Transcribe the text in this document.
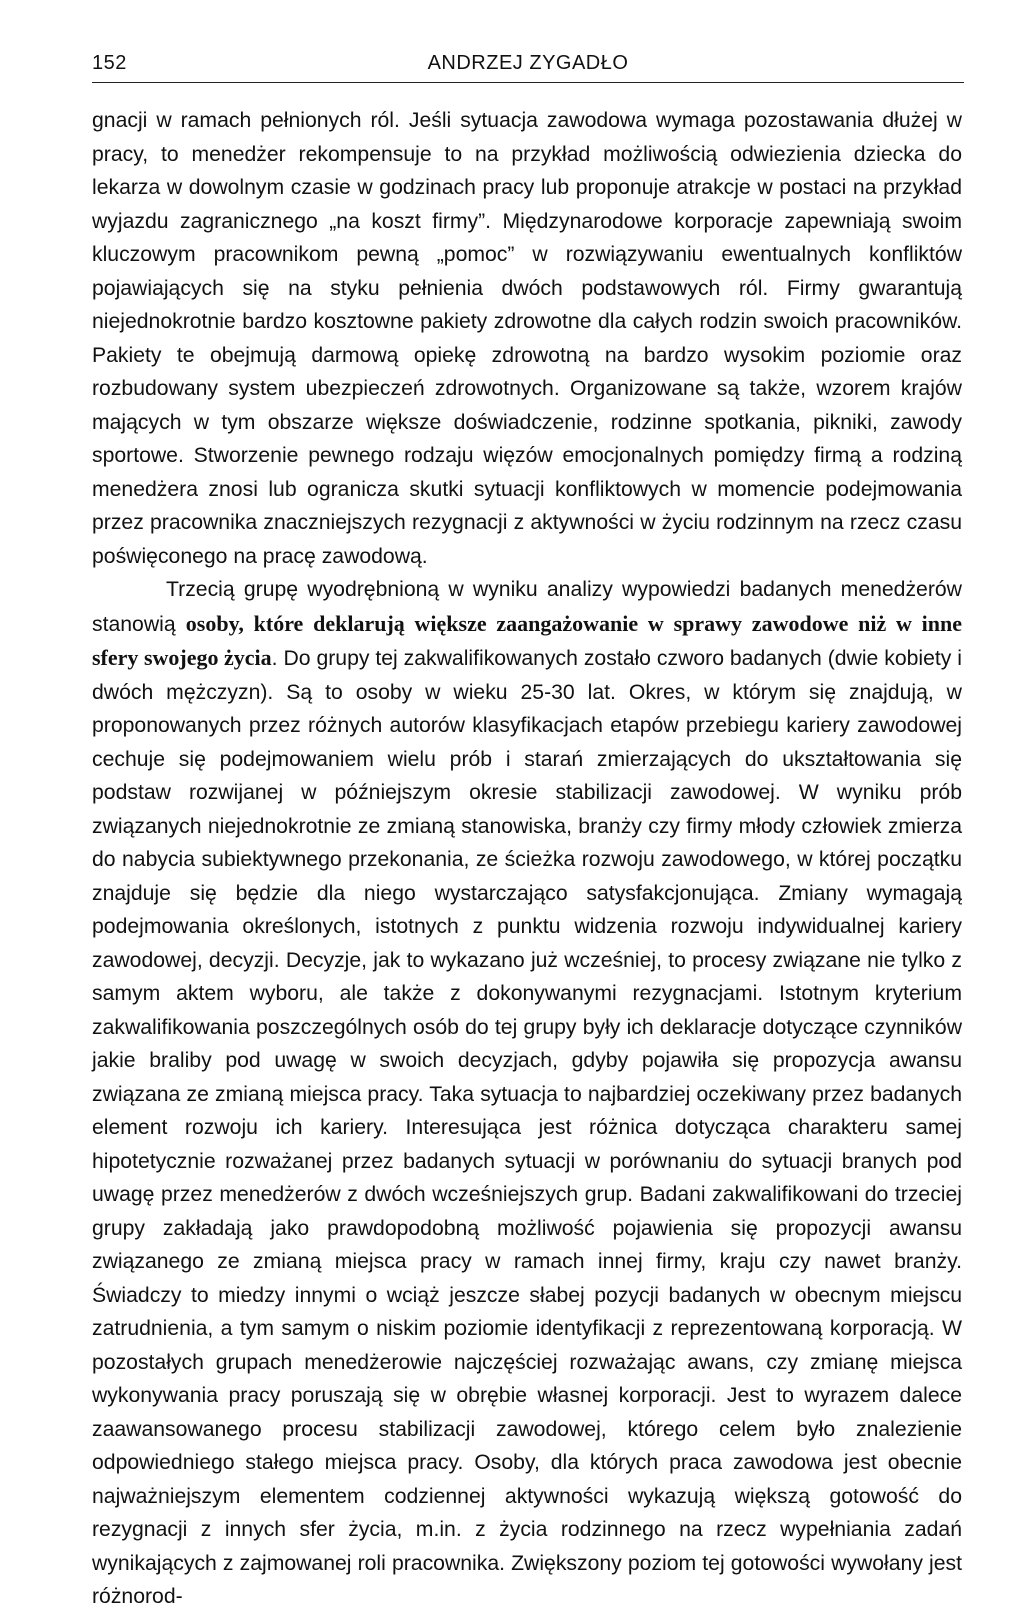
152	ANDRZEJ ZYGADŁO

gnacji w ramach pełnionych ról. Jeśli sytuacja zawodowa wymaga pozostawania dłużej w pracy, to menedżer rekompensuje to na przykład możliwością odwiezienia dziecka do lekarza w dowolnym czasie w godzinach pracy lub proponuje atrakcje w postaci na przykład wyjazdu zagranicznego „na koszt firmy”. Międzynarodowe korporacje zapewniają swoim kluczowym pracownikom pewną „pomoc” w rozwiązywaniu ewentualnych konfliktów pojawiających się na styku pełnienia dwóch podstawowych ról. Firmy gwarantują niejednokrotnie bardzo kosztowne pakiety zdrowotne dla całych rodzin swoich pracowników. Pakiety te obejmują darmową opiekę zdrowotną na bardzo wysokim poziomie oraz rozbudowany system ubezpieczeń zdrowotnych. Organizowane są także, wzorem krajów mających w tym obszarze większe doświadczenie, rodzinne spotkania, pikniki, zawody sportowe. Stworzenie pewnego rodzaju więzów emocjonalnych pomiędzy firmą a rodziną menedżera znosi lub ogranicza skutki sytuacji konfliktowych w momencie podejmowania przez pracownika znaczniejszych rezygnacji z aktywności w życiu rodzinnym na rzecz czasu poświęconego na pracę zawodową.

Trzecią grupę wyodrębnioną w wyniku analizy wypowiedzi badanych menedżerów stanowią osoby, które deklarują większe zaangażowanie w sprawy zawodowe niż w inne sfery swojego życia. Do grupy tej zakwalifikowanych zostało czworo badanych (dwie kobiety i dwóch mężczyzn). Są to osoby w wieku 25-30 lat. Okres, w którym się znajdują, w proponowanych przez różnych autorów klasyfikacjach etapów przebiegu kariery zawodowej cechuje się podejmowaniem wielu prób i starań zmierzających do ukształtowania się podstaw rozwijanej w późniejszym okresie stabilizacji zawodowej. W wyniku prób związanych niejednokrotnie ze zmianą stanowiska, branży czy firmy młody człowiek zmierza do nabycia subiektywnego przekonania, ze ścieżka rozwoju zawodowego, w której początku znajduje się będzie dla niego wystarczająco satysfakcjonująca. Zmiany wymagają podejmowania określonych, istotnych z punktu widzenia rozwoju indywidualnej kariery zawodowej, decyzji. Decyzje, jak to wykazano już wcześniej, to procesy związane nie tylko z samym aktem wyboru, ale także z dokonywanymi rezygnacjami. Istotnym kryterium zakwalifikowania poszczególnych osób do tej grupy były ich deklaracje dotyczące czynników jakie braliby pod uwagę w swoich decyzjach, gdyby pojawiła się propozycja awansu związana ze zmianą miejsca pracy. Taka sytuacja to najbardziej oczekiwany przez badanych element rozwoju ich kariery. Interesująca jest różnica dotycząca charakteru samej hipotetycznie rozważanej przez badanych sytuacji w porównaniu do sytuacji branych pod uwagę przez menedżerów z dwóch wcześniejszych grup. Badani zakwalifikowani do trzeciej grupy zakładają jako prawdopodobną możliwość pojawienia się propozycji awansu związanego ze zmianą miejsca pracy w ramach innej firmy, kraju czy nawet branży. Świadczy to miedzy innymi o wciąż jeszcze słabej pozycji badanych w obecnym miejscu zatrudnienia, a tym samym o niskim poziomie identyfikacji z reprezentowaną korporacją. W pozostałych grupach menedżerowie najczęściej rozważając awans, czy zmianę miejsca wykonywania pracy poruszają się w obrębie własnej korporacji. Jest to wyrazem dalece zaawansowanego procesu stabilizacji zawodowej, którego celem było znalezienie odpowiedniego stałego miejsca pracy. Osoby, dla których praca zawodowa jest obecnie najważniejszym elementem codziennej aktywności wykazują większą gotowość do rezygnacji z innych sfer życia, m.in. z życia rodzinnego na rzecz wypełniania zadań wynikających z zajmowanej roli pracownika. Zwiększony poziom tej gotowości wywołany jest różnorod-
